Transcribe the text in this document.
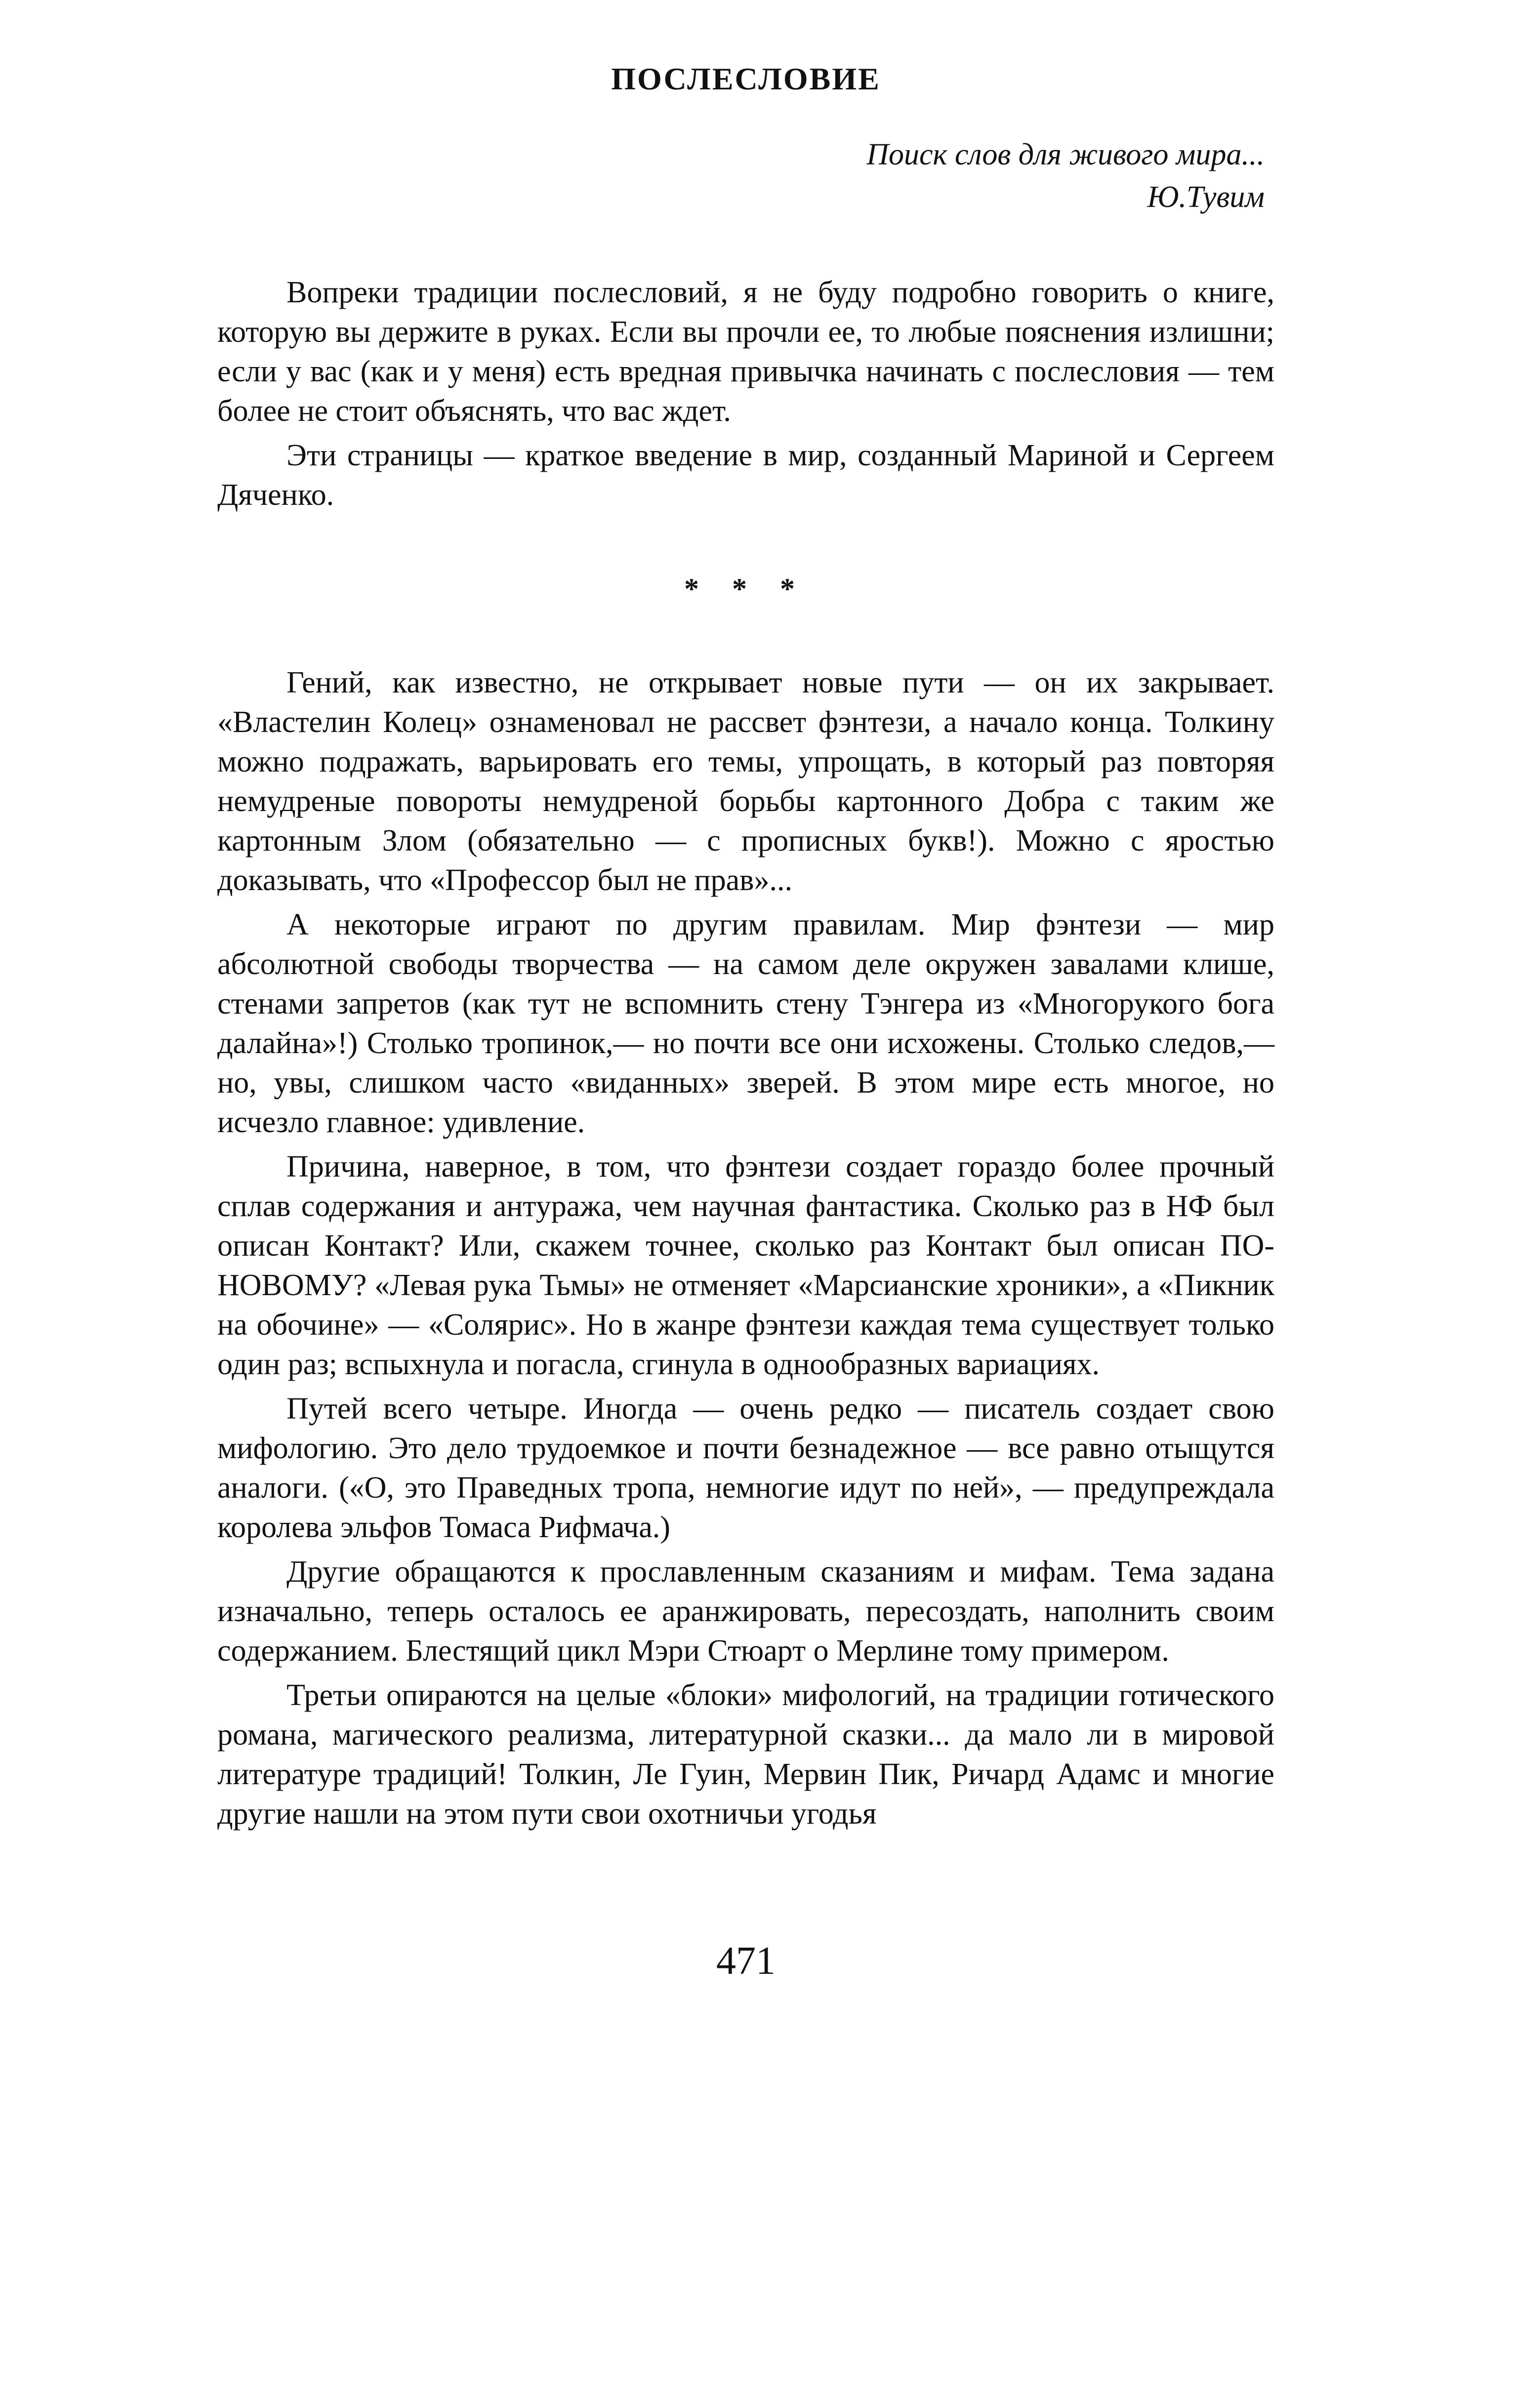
ПОСЛЕСЛОВИЕ
Поиск слов для живого мира...
Ю.Тувим

Вопреки традиции послесловий, я не буду подробно говорить о книге, которую вы держите в руках. Если вы прочли ее, то любые пояснения излишни; если у вас (как и у меня) есть вредная привычка начинать с послесловия — тем более не стоит объяснять, что вас ждет.

Эти страницы — краткое введение в мир, созданный Мариной и Сергеем Дяченко.

* * *

Гений, как известно, не открывает новые пути — он их закрывает. «Властелин Колец» ознаменовал не рассвет фэнтези, а начало конца. Толкину можно подражать, варьировать его темы, упрощать, в который раз повторяя немудреные повороты немудреной борьбы картонного Добра с таким же картонным Злом (обязательно — с прописных букв!). Можно с яростью доказывать, что «Профессор был не прав»...

А некоторые играют по другим правилам. Мир фэнтези — мир абсолютной свободы творчества — на самом деле окружен завалами клише, стенами запретов (как тут не вспомнить стену Тэнгера из «Многорукого бога далайна»!) Столько тропинок,— но почти все они исхожены. Столько следов,— но, увы, слишком часто «виданных» зверей. В этом мире есть многое, но исчезло главное: удивление.

Причина, наверное, в том, что фэнтези создает гораздо более прочный сплав содержания и антуража, чем научная фантастика. Сколько раз в НФ был описан Контакт? Или, скажем точнее, сколько раз Контакт был описан ПО-НОВОМУ? «Левая рука Тьмы» не отменяет «Марсианские хроники», а «Пикник на обочине» — «Солярис». Но в жанре фэнтези каждая тема существует только один раз; вспыхнула и погасла, сгинула в однообразных вариациях.

Путей всего четыре. Иногда — очень редко — писатель создает свою мифологию. Это дело трудоемкое и почти безнадежное — все равно отыщутся аналоги. («О, это Праведных тропа, немногие идут по ней», — предупреждала королева эльфов Томаса Рифмача.)

Другие обращаются к прославленным сказаниям и мифам. Тема задана изначально, теперь осталось ее аранжировать, пересоздать, наполнить своим содержанием. Блестящий цикл Мэри Стюарт о Мерлине тому примером.

Третьи опираются на целые «блоки» мифологий, на традиции готического романа, магического реализма, литературной сказки... да мало ли в мировой литературе традиций! Толкин, Ле Гуин, Мервин Пик, Ричард Адамс и многие другие нашли на этом пути свои охотничьи угодья

471
